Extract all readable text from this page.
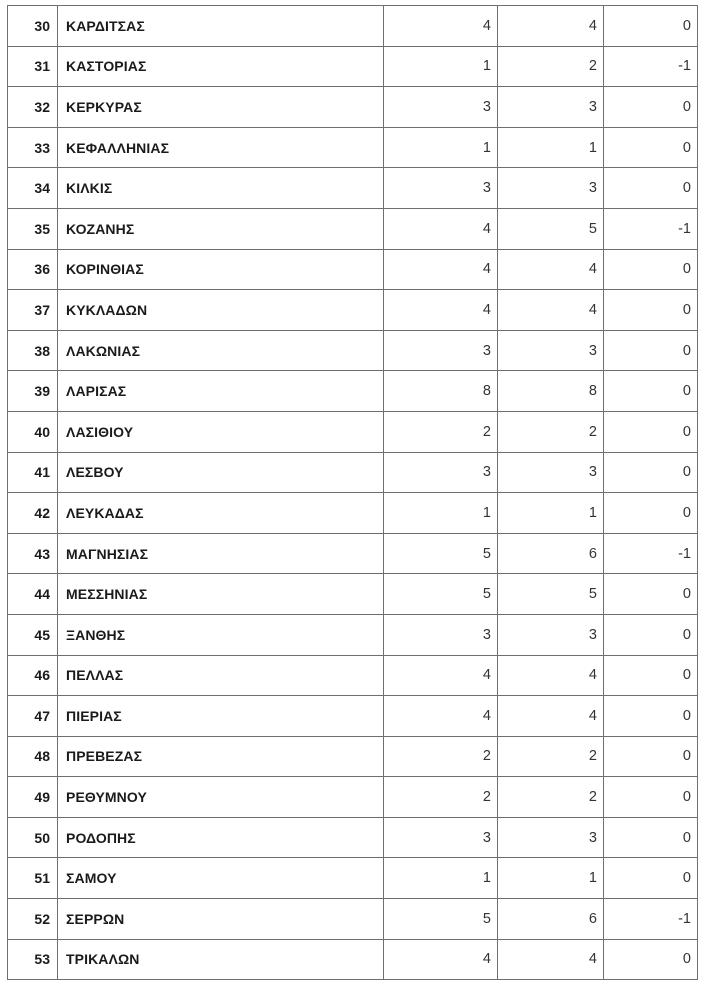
30	ΚΑΡΔΙΤΣΑΣ	4	4	0
31	ΚΑΣΤΟΡΙΑΣ	1	2	-1
32	ΚΕΡΚΥΡΑΣ	3	3	0
33	ΚΕΦΑΛΛΗΝΙΑΣ	1	1	0
34	ΚΙΛΚΙΣ	3	3	0
35	ΚΟΖΑΝΗΣ	4	5	-1
36	ΚΟΡΙΝΘΙΑΣ	4	4	0
37	ΚΥΚΛΑΔΩΝ	4	4	0
38	ΛΑΚΩΝΙΑΣ	3	3	0
39	ΛΑΡΙΣΑΣ	8	8	0
40	ΛΑΣΙΘΙΟΥ	2	2	0
41	ΛΕΣΒΟΥ	3	3	0
42	ΛΕΥΚΑΔΑΣ	1	1	0
43	ΜΑΓΝΗΣΙΑΣ	5	6	-1
44	ΜΕΣΣΗΝΙΑΣ	5	5	0
45	ΞΑΝΘΗΣ	3	3	0
46	ΠΕΛΛΑΣ	4	4	0
47	ΠΙΕΡΙΑΣ	4	4	0
48	ΠΡΕΒΕΖΑΣ	2	2	0
49	ΡΕΘΥΜΝΟΥ	2	2	0
50	ΡΟΔΟΠΗΣ	3	3	0
51	ΣΑΜΟΥ	1	1	0
52	ΣΕΡΡΩΝ	5	6	-1
53	ΤΡΙΚΑΛΩΝ	4	4	0
